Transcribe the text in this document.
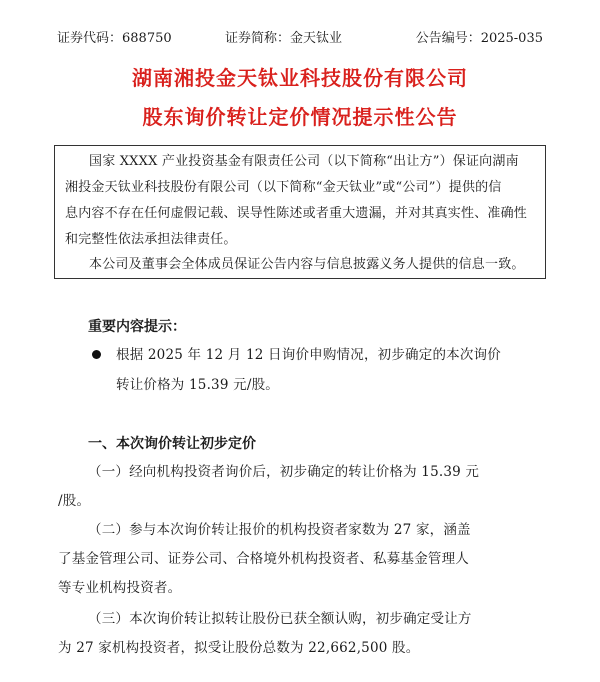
证券代码：688750	证券简称：金天钛业	公告编号：2025-035
湖南湘投金天钛业科技股份有限公司
股东询价转让定价情况提示性公告
国家 XXXX 产业投资基金有限责任公司（以下简称“出让方”）保证向湖南
湘投金天钛业科技股份有限公司（以下简称“金天钛业”或“公司”）提供的信
息内容不存在任何虚假记载、误导性陈述或者重大遗漏，并对其真实性、准确性
和完整性依法承担法律责任。
本公司及董事会全体成员保证公告内容与信息披露义务人提供的信息一致。
重要内容提示：
根据 2025 年 12 月 12 日询价申购情况，初步确定的本次询价
转让价格为 15.39 元/股。
一、本次询价转让初步定价
（一）经向机构投资者询价后，初步确定的转让价格为 15.39 元
/股。
（二）参与本次询价转让报价的机构投资者家数为 27 家，涵盖
了基金管理公司、证券公司、合格境外机构投资者、私募基金管理人
等专业机构投资者。
（三）本次询价转让拟转让股份已获全额认购，初步确定受让方
为 27 家机构投资者，拟受让股份总数为 22,662,500 股。
